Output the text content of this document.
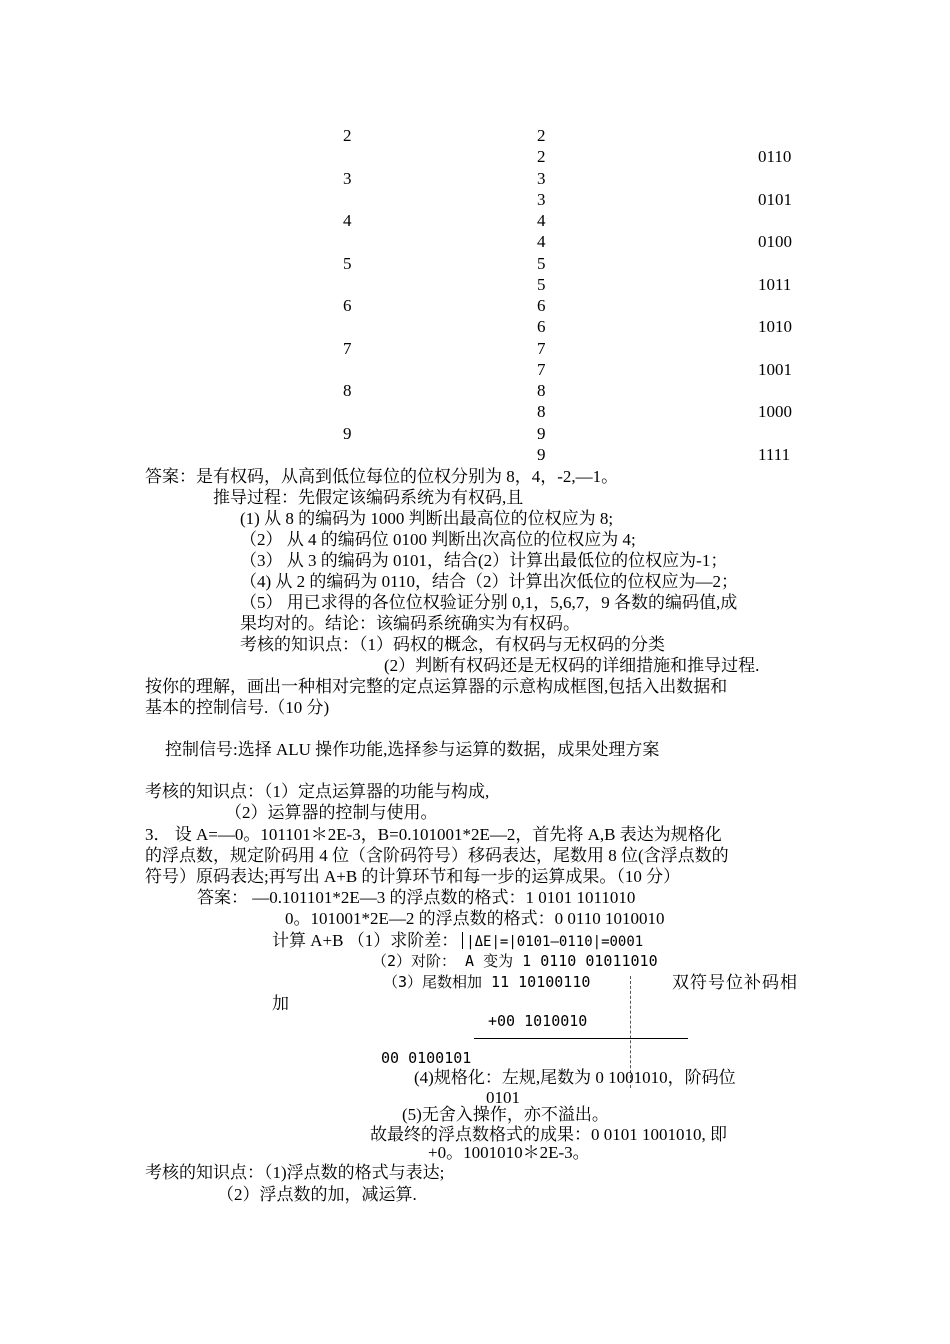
2	2
2	0110
3	3
3	0101
4	4
4	0100
5	5
5	1011
6	6
6	1010
7	7
7	1001
8	8
8	1000
9	9
9	1111
答案：是有权码，从高到低位每位的位权分别为 8，4，-2,—1。
推导过程：先假定该编码系统为有权码,且
(1) 从 8 的编码为 1000 判断出最高位的位权应为 8;
（2） 从 4 的编码位 0100 判断出次高位的位权应为 4;
（3） 从 3 的编码为 0101，结合(2）计算出最低位的位权应为-1；
（4) 从 2 的编码为 0110，结合（2）计算出次低位的位权应为—2；
（5） 用已求得的各位位权验证分别 0,1，5,6,7，9 各数的编码值,成
果均对的。结论：该编码系统确实为有权码。
考核的知识点：（1）码权的概念，有权码与无权码的分类
(2）判断有权码还是无权码的详细措施和推导过程.
按你的理解，画出一种相对完整的定点运算器的示意构成框图,包括入出数据和
基本的控制信号.（10 分)
控制信号:选择 ALU 操作功能,选择参与运算的数据，成果处理方案
考核的知识点：（1）定点运算器的功能与构成,
（2）运算器的控制与使用。
3． 设 A=—0。101101＊2E-3，B=0.101001*2E—2，首先将 A,B 表达为规格化
的浮点数，规定阶码用 4 位（含阶码符号）移码表达，尾数用 8 位(含浮点数的
符号）原码表达;再写出 A+B 的计算环节和每一步的运算成果。（10 分）
答案： —0.101101*2E—3 的浮点数的格式：1 0101 1011010
0。101001*2E—2 的浮点数的格式：0 0110 1010010
计算 A+B （1）求阶差： |ΔE|=|0101—0110|=0001
（2）对阶： A 变为 1 0110 01011010
（3）尾数相加 11 10100110	双符号位补码相
加
+00 1010010
00 0100101
(4)规格化：左规,尾数为 0 1001010，阶码位
0101
(5)无舍入操作，亦不溢出。
故最终的浮点数格式的成果：0 0101 1001010, 即
+0。1001010＊2E-3。
考核的知识点：（1)浮点数的格式与表达;
（2）浮点数的加，减运算.
